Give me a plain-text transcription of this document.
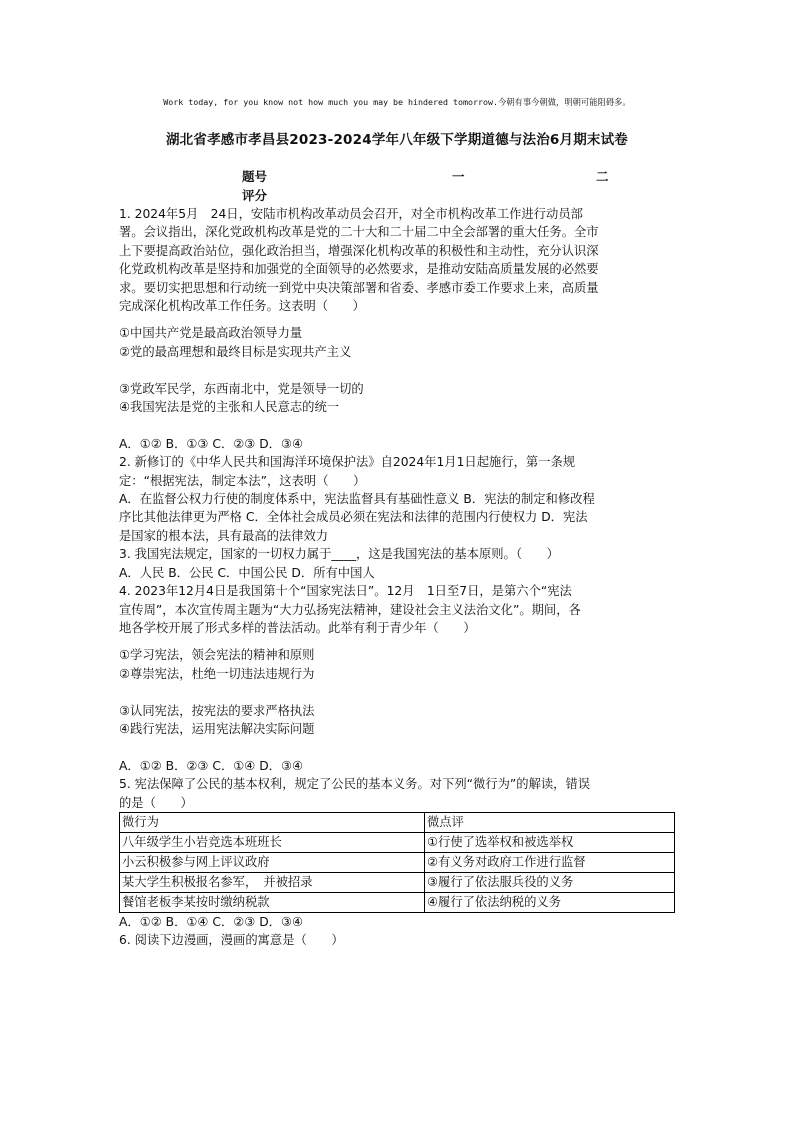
Work today, for you know not how much you may be hindered tomorrow.今朝有事今朝做，明朝可能阻碍多。
湖北省孝感市孝昌县2023-2024学年八年级下学期道德与法治6月期末试卷
题号	一	二
评分

1. 2024年5月　24日，安陆市机构改革动员会召开，对全市机构改革工作进行动员部

署。会议指出，深化党政机构改革是党的二十大和二十届二中全会部署的重大任务。全市

上下要提高政治站位，强化政治担当，增强深化机构改革的积极性和主动性，充分认识深

化党政机构改革是坚持和加强党的全面领导的必然要求，是推动安陆高质量发展的必然要

求。要切实把思想和行动统一到党中央决策部署和省委、孝感市委工作要求上来，高质量

完成深化机构改革工作任务。这表明（　　）

①中国共产党是最高政治领导力量

②党的最高理想和最终目标是实现共产主义

③党政军民学，东西南北中，党是领导一切的

④我国宪法是党的主张和人民意志的统一

A．①② B．①③ C．②③ D．③④

2. 新修订的《中华人民共和国海洋环境保护法》自2024年1月1日起施行，第一条规

定：“根据宪法，制定本法”，这表明（　　）

A．在监督公权力行使的制度体系中，宪法监督具有基础性意义 B．宪法的制定和修改程

序比其他法律更为严格 C．全体社会成员必须在宪法和法律的范围内行使权力 D．宪法

是国家的根本法，具有最高的法律效力

3. 我国宪法规定，国家的一切权力属于____，这是我国宪法的基本原则。（　　）

A．人民 B．公民 C．中国公民 D．所有中国人

4. 2023年12月4日是我国第十个“国家宪法日”。12月　1日至7日，是第六个“宪法

宣传周”，本次宣传周主题为“大力弘扬宪法精神，建设社会主义法治文化”。期间，各

地各学校开展了形式多样的普法活动。此举有利于青少年（　　）

①学习宪法，领会宪法的精神和原则

②尊崇宪法，杜绝一切违法违规行为

③认同宪法，按宪法的要求严格执法

④践行宪法，运用宪法解决实际问题

A．①② B．②③ C．①④ D．③④

5. 宪法保障了公民的基本权利，规定了公民的基本义务。对下列“微行为”的解读，错误

的是（　　）

微行为	微点评
八年级学生小岩竞选本班班长	①行使了选举权和被选举权
小云积极参与网上评议政府	②有义务对政府工作进行监督
某大学生积极报名参军，　并被招录	③履行了依法服兵役的义务
餐馆老板李某按时缴纳税款	④履行了依法纳税的义务

A．①② B．①④ C．②③ D．③④

6. 阅读下边漫画，漫画的寓意是（　　）
